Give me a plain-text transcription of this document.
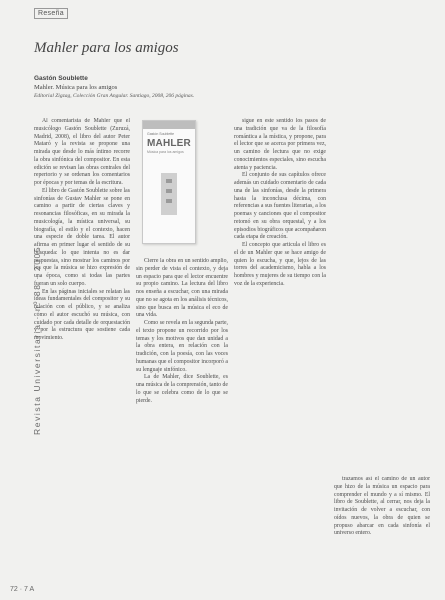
Reseña
Mahler para los amigos
Gastón Soublette
Mahler. Música para los amigos
Editorial Zigzag, Colección Gran Angular. Santiago, 2008, 206 páginas.
Gastón Soublette
MAHLER
Música para los amigos

Al comentarista de Mahler que el musicólogo Gastón Soublette (Zuruzá, Madrid, 2008), el libro del autor Peter Mataró y la revista se propone una mirada que desde lo más íntimo recorre la obra sinfónica del compositor. En esta edición se revisan las obras centrales del repertorio y se ordenan los comentarios por épocas y por temas de la escritura.

El libro de Gastón Soublette sobre las sinfonías de Gustav Mahler se pone en camino a partir de ciertas claves y resonancias filosóficas, en su mirada la musicología, la mística universal, su biografía, el estilo y el contexto, hacen una especie de doble tarea. El autor afirma en primer lugar el sentido de su búsqueda: lo que intenta no es dar respuestas, sino mostrar los caminos por los que la música se hizo expresión de una época, como si todas las partes fueran un solo cuerpo.

En las páginas iniciales se relatan las ideas fundamentales del compositor y su relación con el público, y se analiza cómo el autor escuchó su música, con cuidado por cada detalle de orquestación y por la estructura que sostiene cada movimiento.

Cierre la obra en un sentido amplio, sin perder de vista el contexto, y deja un espacio para que el lector encuentre su propio camino. La lectura del libro nos enseña a escuchar, con una mirada que no se agota en los análisis técnicos, sino que busca en la música el eco de una vida.

Como se revela en la segunda parte, el texto propone un recorrido por los temas y los motivos que dan unidad a la obra entera, en relación con la tradición, con la poesía, con las voces humanas que el compositor incorporó a su lenguaje sinfónico.

La de Mahler, dice Soublette, es una música de la comprensión, tanto de lo que se celebra como de lo que se pierde.

sigue en este sentido los pasos de una tradición que va de la filosofía romántica a la mística, y propone, para el lector que se acerca por primera vez, un camino de lectura que no exige conocimientos especiales, sino escucha atenta y paciencia.

El conjunto de sus capítulos ofrece además un cuidado comentario de cada una de las sinfonías, desde la primera hasta la inconclusa décima, con referencias a sus fuentes literarias, a los poemas y canciones que el compositor retomó en su obra orquestal, y a los episodios biográficos que acompañaron cada etapa de creación.

El concepto que articula el libro es el de un Mahler que se hace amigo de quien lo escucha, y que, lejos de las torres del academicismo, habla a los hombres y mujeres de su tiempo con la voz de la experiencia.

trazamos así el camino de un autor que hizo de la música un espacio para comprender el mundo y a sí mismo. El libro de Soublette, al cerrar, nos deja la invitación de volver a escuchar, con oídos nuevos, la obra de quien se propuso abarcar en cada sinfonía el universo entero.

Revista Universitaria · nº 88 · 2005
72 · 7 A
